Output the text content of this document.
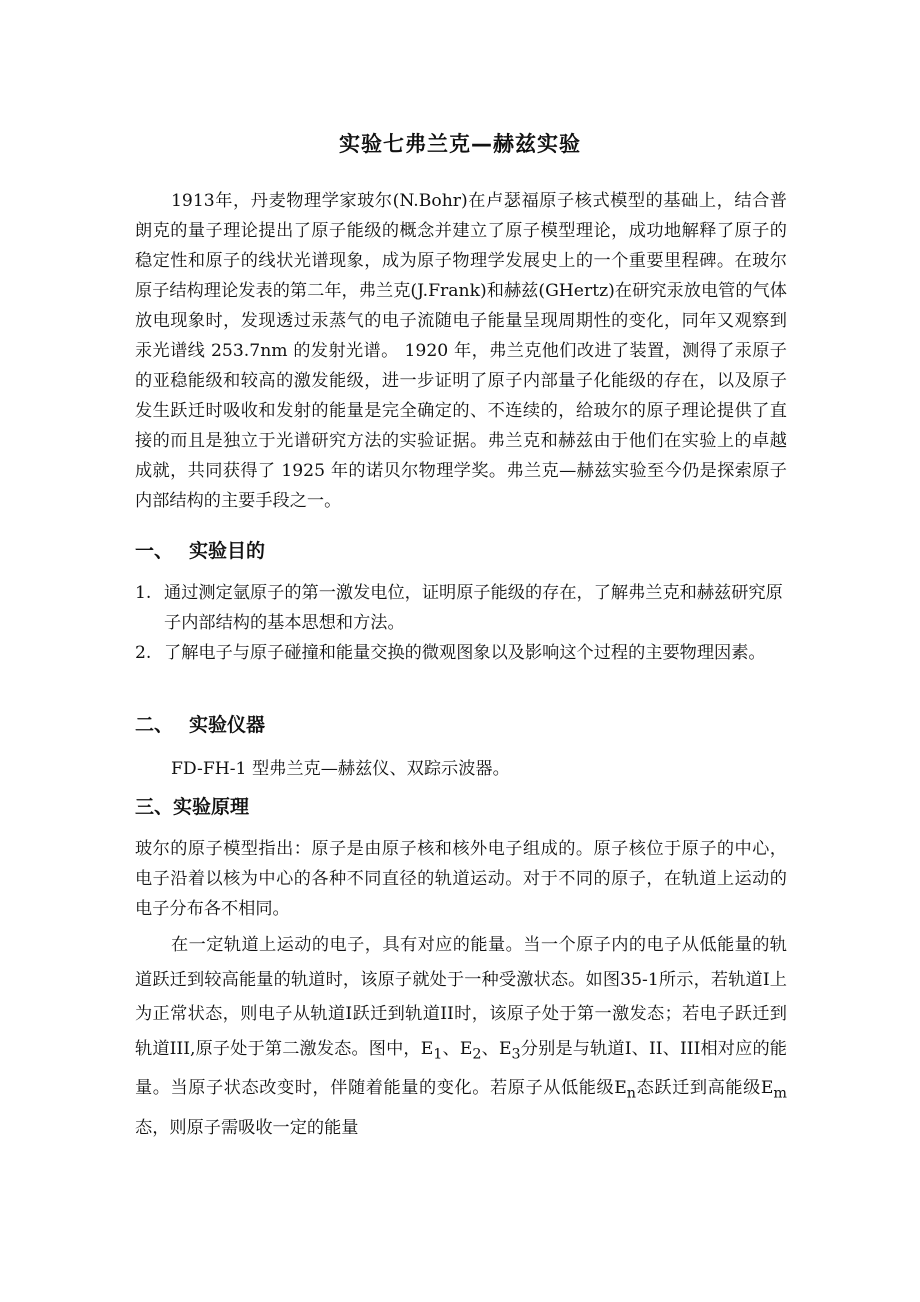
实验七弗兰克—赫兹实验

1913年，丹麦物理学家玻尔(N.Bohr)在卢瑟福原子核式模型的基础上，结合普朗克的量子理论提出了原子能级的概念并建立了原子模型理论，成功地解释了原子的稳定性和原子的线状光谱现象，成为原子物理学发展史上的一个重要里程碑。在玻尔原子结构理论发表的第二年，弗兰克(J.Frank)和赫兹(GHertz)在研究汞放电管的气体放电现象时，发现透过汞蒸气的电子流随电子能量呈现周期性的变化，同年又观察到汞光谱线 253.7nm 的发射光谱。 1920 年，弗兰克他们改进了装置，测得了汞原子的亚稳能级和较高的激发能级，进一步证明了原子内部量子化能级的存在，以及原子发生跃迁时吸收和发射的能量是完全确定的、不连续的，给玻尔的原子理论提供了直接的而且是独立于光谱研究方法的实验证据。弗兰克和赫兹由于他们在实验上的卓越成就，共同获得了 1925 年的诺贝尔物理学奖。弗兰克—赫兹实验至今仍是探索原子内部结构的主要手段之一。

一、 实验目的
1. 通过测定氩原子的第一激发电位，证明原子能级的存在，了解弗兰克和赫兹研究原子内部结构的基本思想和方法。
2. 了解电子与原子碰撞和能量交换的微观图象以及影响这个过程的主要物理因素。
二、 实验仪器

FD-FH-1 型弗兰克—赫兹仪、双踪示波器。

三、实验原理

玻尔的原子模型指出：原子是由原子核和核外电子组成的。原子核位于原子的中心，电子沿着以核为中心的各种不同直径的轨道运动。对于不同的原子，在轨道上运动的电子分布各不相同。

在一定轨道上运动的电子，具有对应的能量。当一个原子内的电子从低能量的轨道跃迁到较高能量的轨道时，该原子就处于一种受激状态。如图35-1所示，若轨道I上为正常状态，则电子从轨道I跃迁到轨道II时，该原子处于第一激发态；若电子跃迁到轨道III,原子处于第二激发态。图中，$E_1$、$E_2$、$E_3$分别是与轨道I、II、III相对应的能量。当原子状态改变时，伴随着能量的变化。若原子从低能级$E_n$态跃迁到高能级$E_m$态，则原子需吸收一定的能量
